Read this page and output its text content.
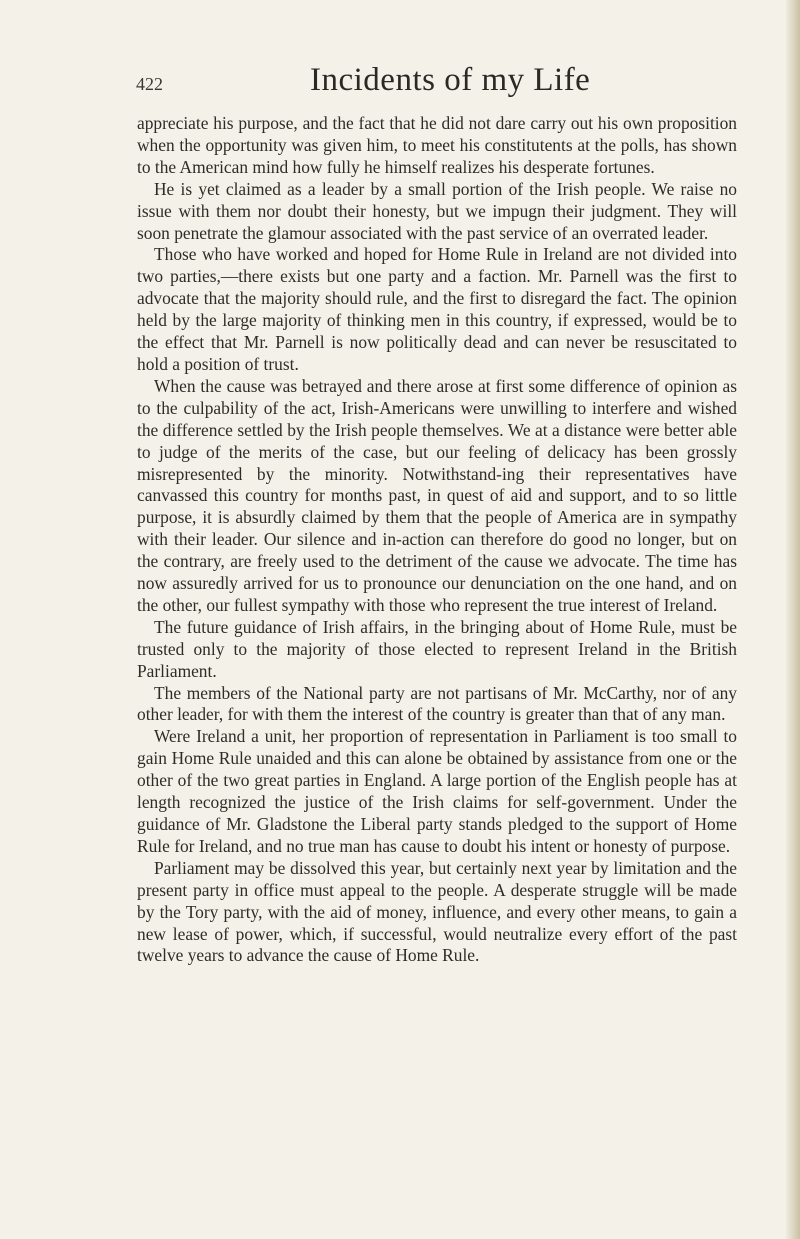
422	Incidents of my Life

appreciate his purpose, and the fact that he did not dare carry out his own proposition when the opportunity was given him, to meet his constitutents at the polls, has shown to the American mind how fully he himself realizes his desperate fortunes.

He is yet claimed as a leader by a small portion of the Irish people. We raise no issue with them nor doubt their honesty, but we impugn their judgment. They will soon penetrate the glamour associated with the past service of an overrated leader.

Those who have worked and hoped for Home Rule in Ireland are not divided into two parties,—there exists but one party and a faction. Mr. Parnell was the first to advocate that the majority should rule, and the first to disregard the fact. The opinion held by the large majority of thinking men in this country, if expressed, would be to the effect that Mr. Parnell is now politically dead and can never be resuscitated to hold a position of trust.

When the cause was betrayed and there arose at first some difference of opinion as to the culpability of the act, Irish-Americans were unwilling to interfere and wished the difference settled by the Irish people themselves. We at a distance were better able to judge of the merits of the case, but our feeling of delicacy has been grossly misrepresented by the minority. Notwithstand-ing their representatives have canvassed this country for months past, in quest of aid and support, and to so little purpose, it is absurdly claimed by them that the people of America are in sympathy with their leader. Our silence and in-action can therefore do good no longer, but on the contrary, are freely used to the detriment of the cause we advocate. The time has now assuredly arrived for us to pronounce our denunciation on the one hand, and on the other, our fullest sympathy with those who represent the true interest of Ireland.

The future guidance of Irish affairs, in the bringing about of Home Rule, must be trusted only to the majority of those elected to represent Ireland in the British Parliament.

The members of the National party are not partisans of Mr. McCarthy, nor of any other leader, for with them the interest of the country is greater than that of any man.

Were Ireland a unit, her proportion of representation in Parliament is too small to gain Home Rule unaided and this can alone be obtained by assistance from one or the other of the two great parties in England. A large portion of the English people has at length recognized the justice of the Irish claims for self-government. Under the guidance of Mr. Gladstone the Liberal party stands pledged to the support of Home Rule for Ireland, and no true man has cause to doubt his intent or honesty of purpose.

Parliament may be dissolved this year, but certainly next year by limitation and the present party in office must appeal to the people. A desperate struggle will be made by the Tory party, with the aid of money, influence, and every other means, to gain a new lease of power, which, if successful, would neutralize every effort of the past twelve years to advance the cause of Home Rule.
